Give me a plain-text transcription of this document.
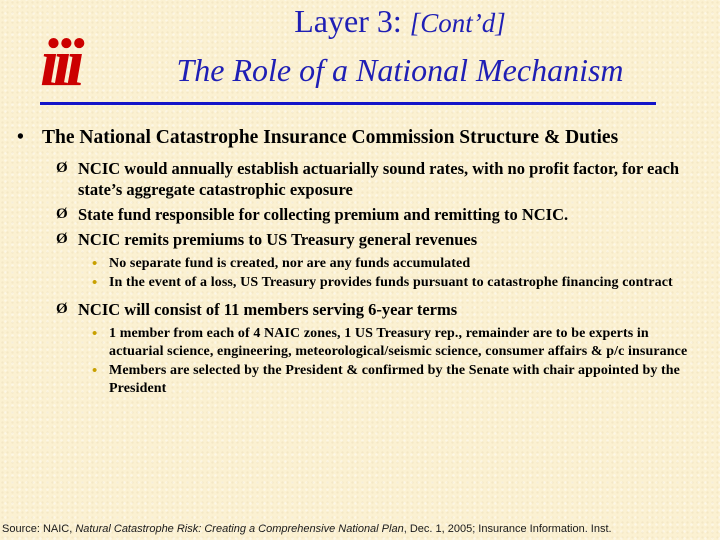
iii
Layer 3: [Cont’d]
The Role of a National Mechanism
• The National Catastrophe Insurance Commission Structure & Duties
Ø NCIC would annually establish actuarially sound rates, with no profit factor, for each state’s aggregate catastrophic exposure
Ø State fund responsible for collecting premium and remitting to NCIC.
Ø NCIC remits premiums to US Treasury general revenues
• No separate fund is created, nor are any funds accumulated
• In the event of a loss, US Treasury provides funds pursuant to catastrophe financing contract
Ø NCIC will consist of 11 members serving 6-year terms
• 1 member from each of 4 NAIC zones, 1 US Treasury rep., remainder are to be experts in actuarial science, engineering, meteorological/seismic science, consumer affairs & p/c insurance
• Members are selected by the President & confirmed by the Senate with chair appointed by the President
Source: NAIC, Natural Catastrophe Risk: Creating a Comprehensive National Plan, Dec. 1, 2005; Insurance Information. Inst.
